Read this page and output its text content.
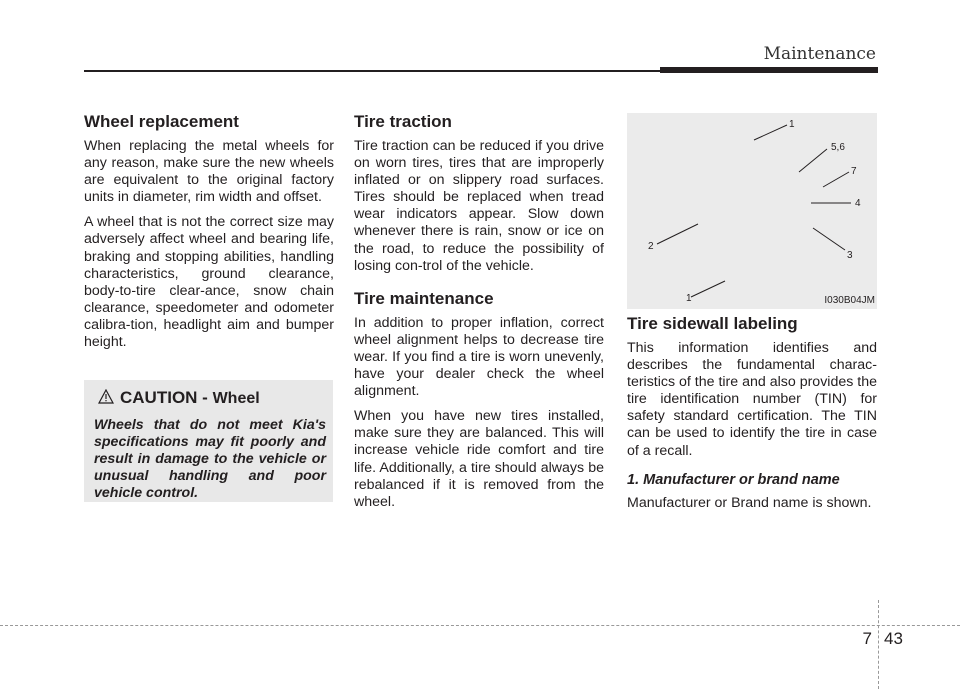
Maintenance
Wheel replacement

When replacing the metal wheels for any reason, make sure the new wheels are equivalent to the original factory units in diameter, rim width and offset.

A wheel that is not the correct size may adversely affect wheel and bearing life, braking and stopping abilities, handling characteristics, ground clearance, body-to-tire clear-ance, snow chain clearance, speedometer and odometer calibra-tion, headlight aim and bumper height.

CAUTION - Wheel
Wheels that do not meet Kia's specifications may fit poorly and result in damage to the vehicle or unusual handling and poor vehicle control.
Tire traction

Tire traction can be reduced if you drive on worn tires, tires that are improperly inflated or on slippery road surfaces. Tires should be replaced when tread wear indicators appear. Slow down whenever there is rain, snow or ice on the road, to reduce the possibility of losing con-trol of the vehicle.

Tire maintenance

In addition to proper inflation, correct wheel alignment helps to decrease tire wear. If you find a tire is worn unevenly, have your dealer check the wheel alignment.

When you have new tires installed, make sure they are balanced. This will increase vehicle ride comfort and tire life. Additionally, a tire should always be rebalanced if it is removed from the wheel.

1
5,6
7
4
3
2
1	I030B04JM
Tire sidewall labeling

This information identifies and describes the fundamental charac-teristics of the tire and also provides the tire identification number (TIN) for safety standard certification. The TIN can be used to identify the tire in case of a recall.

1. Manufacturer or brand name

Manufacturer or Brand name is shown.

7 43
